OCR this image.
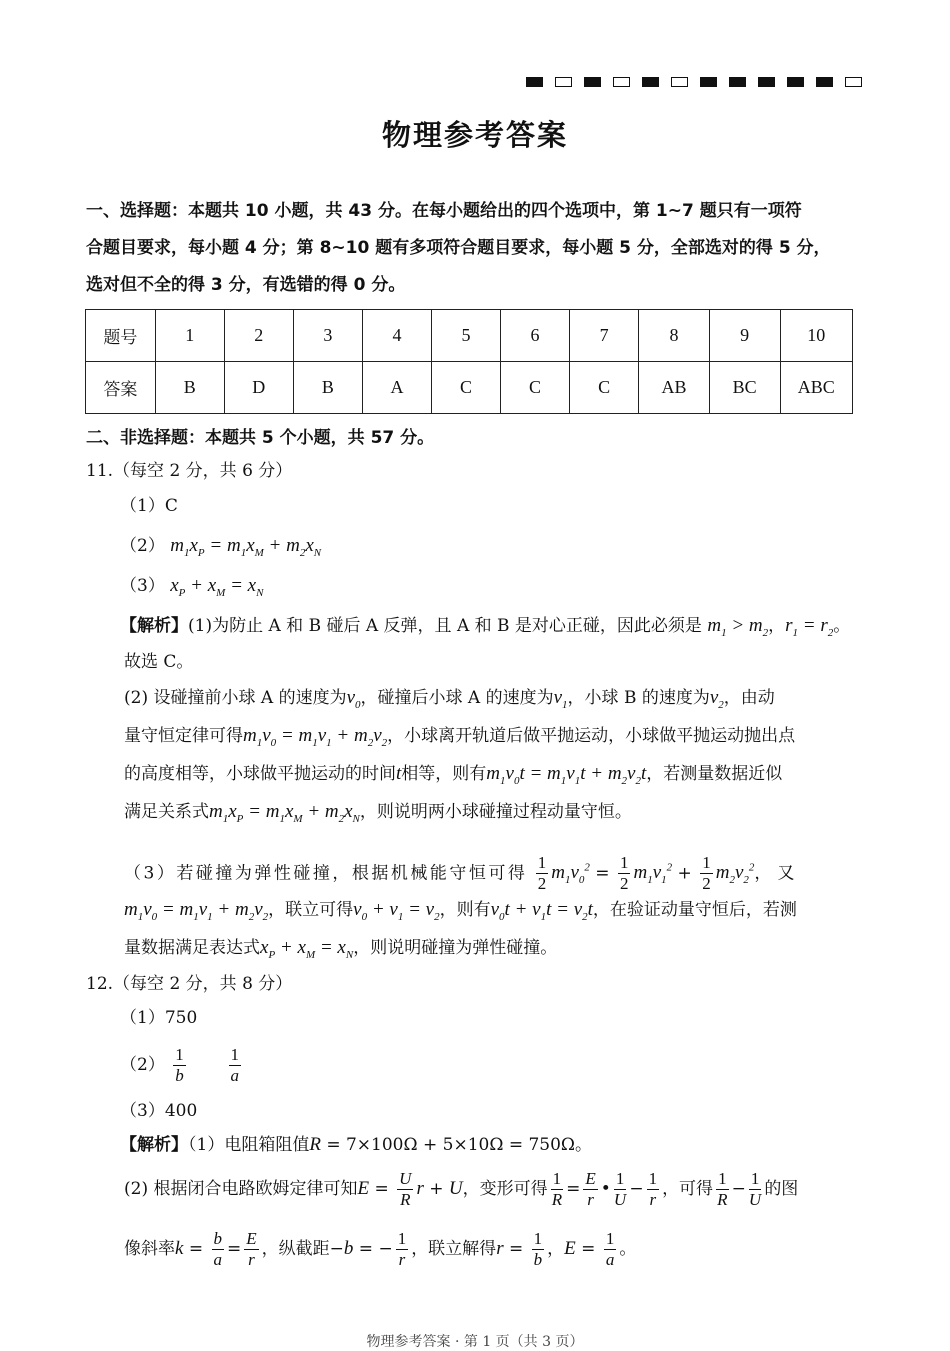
物理参考答案
一、选择题：本题共 10 小题，共 43 分。在每小题给出的四个选项中，第 1~7 题只有一项符
合题目要求，每小题 4 分；第 8~10 题有多项符合题目要求，每小题 5 分，全部选对的得 5 分，
选对但不全的得 3 分，有选错的得 0 分。
题号	1	2	3	4	5	6	7	8	9	10
答案	B	D	B	A	C	C	C	AB	BC	ABC
二、非选择题：本题共 5 个小题，共 57 分。
11.（每空 2 分，共 6 分）
（1）C
（2） $m_1x_P = m_1x_M + m_2x_N$
（3） $x_P + x_M = x_N$
【解析】(1)为防止 A 和 B 碰后 A 反弹，且 A 和 B 是对心正碰，因此必须是 $m_1 > m_2$，$r_1 = r_2$。
故选 C。
(2) 设碰撞前小球 A 的速度为$v_0$，碰撞后小球 A 的速度为$v_1$，小球 B 的速度为$v_2$，由动
量守恒定律可得$m_1v_0 = m_1v_1 + m_2v_2$，小球离开轨道后做平抛运动，小球做平抛运动抛出点
的高度相等，小球做平抛运动的时间t相等，则有$m_1v_0t = m_1v_1t + m_2v_2t$，若测量数据近似
满足关系式$m_1x_P = m_1x_M + m_2x_N$，则说明两小球碰撞过程动量守恒。
（3）若碰撞为弹性碰撞，根据机械能守恒可得 $\frac{1}{2} m_1v_0^2 = \frac{1}{2} m_1v_1^2 + \frac{1}{2} m_2v_2^2$，又
$m_1v_0 = m_1v_1 + m_2v_2$，联立可得$v_0 + v_1 = v_2$，则有$v_0t + v_1t = v_2t$，在验证动量守恒后，若测
量数据满足表达式$x_P + x_M = x_N$，则说明碰撞为弹性碰撞。
12.（每空 2 分，共 8 分）
（1）750
$(2) \frac{1}{b}$
	$\frac{1}{a}$
（3）400
【解析】（1）电阻箱阻值R = 7×100Ω + 5×10Ω = 750Ω。
(2) 根据闭合电路欧姆定律可知$E = \frac{U}{R}$ r + U，变形可得 $\frac{1}{R} = \frac{E}{r}$ • $\frac{1}{U} - \frac{1}{r}$ ，可得 $\frac{1}{R} - \frac{1}{U}$ 的图
像斜率$k = \frac{b}{a} = \frac{E}{r}$ ，纵截距−b = − $\frac{1}{r}$ ，联立解得$r = \frac{1}{b}$ ，$E = \frac{1}{a}$ 。
物理参考答案 · 第 1 页（共 3 页）
